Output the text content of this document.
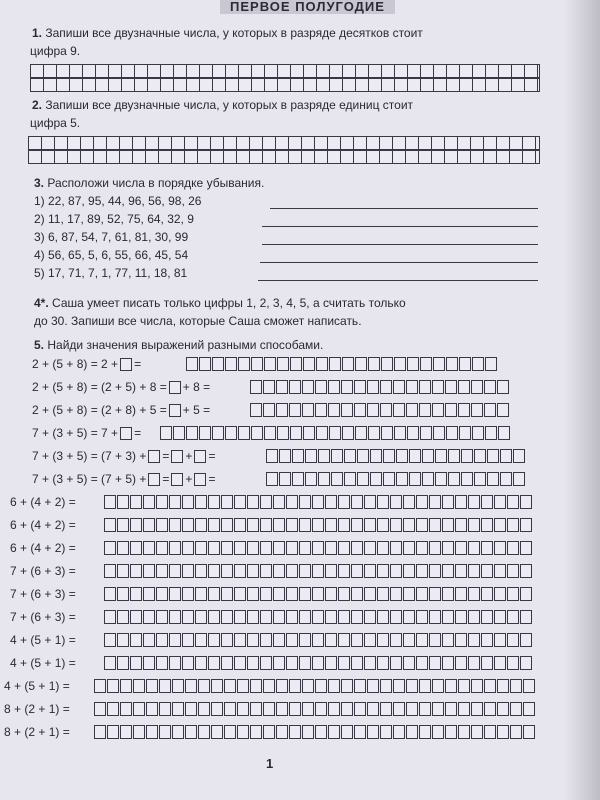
ПЕРВОЕ ПОЛУГОДИЕ
1. Запиши все двузначные числа, у которых в разряде десятков стоит
цифра 9.
2. Запиши все двузначные числа, у которых в разряде единиц стоит
цифра 5.
3. Расположи числа в порядке убывания.
1) 22, 87, 95, 44, 96, 56, 98, 26
2) 11, 17, 89, 52, 75, 64, 32, 9
3) 6, 87, 54, 7, 61, 81, 30, 99
4) 56, 65, 5, 6, 55, 66, 45, 54
5) 17, 71, 7, 1, 77, 11, 18, 81
4*. Саша умеет писать только цифры 1, 2, 3, 4, 5, а считать только
до 30. Запиши все числа, которые Саша сможет написать.
5. Найди значения выражений разными способами.
2 + (5 + 8) = 2 + =
2 + (5 + 8) = (2 + 5) + 8 = + 8 =
2 + (5 + 8) = (2 + 8) + 5 = + 5 =
7 + (3 + 5) = 7 + =
7 + (3 + 5) = (7 + 3) + = + =
7 + (3 + 5) = (7 + 5) + = + =
6 + (4 + 2) =
6 + (4 + 2) =
6 + (4 + 2) =
7 + (6 + 3) =
7 + (6 + 3) =
7 + (6 + 3) =
4 + (5 + 1) =
4 + (5 + 1) =
4 + (5 + 1) =
8 + (2 + 1) =
8 + (2 + 1) =
1
